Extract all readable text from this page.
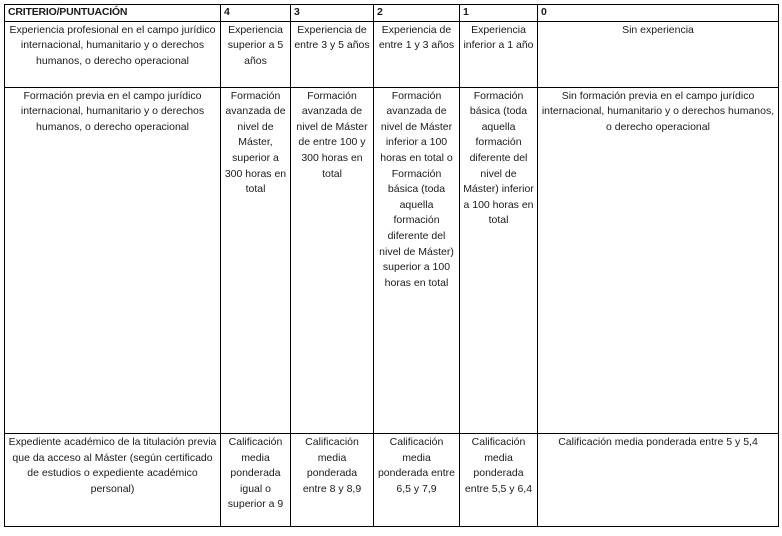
CRITERIO/PUNTUACIÓN	4	3	2	1	0
Experiencia profesional en el campo jurídico internacional, humanitario y o derechos humanos, o derecho operacional	Experiencia superior a 5 años	Experiencia de entre 3 y 5 años	Experiencia de entre 1 y 3 años	Experiencia inferior a 1 año	Sin experiencia
Formación previa en el campo jurídico internacional, humanitario y o derechos humanos, o derecho operacional	Formación avanzada de nivel de Máster, superior a 300 horas en total	Formación avanzada de nivel de Máster de entre 100 y 300 horas en total	Formación avanzada de nivel de Máster inferior a 100 horas en total o Formación básica (toda aquella formación diferente del nivel de Máster) superior a 100 horas en total	Formación básica (toda aquella formación diferente del nivel de Máster) inferior a 100 horas en total	Sin formación previa en el campo jurídico internacional, humanitario y o derechos humanos, o derecho operacional
Expediente académico de la titulación previa que da acceso al Máster (según certificado de estudios o expediente académico personal)	Calificación media ponderada igual o superior a 9	Calificación media ponderada entre 8 y 8,9	Calificación media ponderada entre 6,5 y 7,9	Calificación media ponderada entre 5,5 y 6,4	Calificación media ponderada entre 5 y 5,4
